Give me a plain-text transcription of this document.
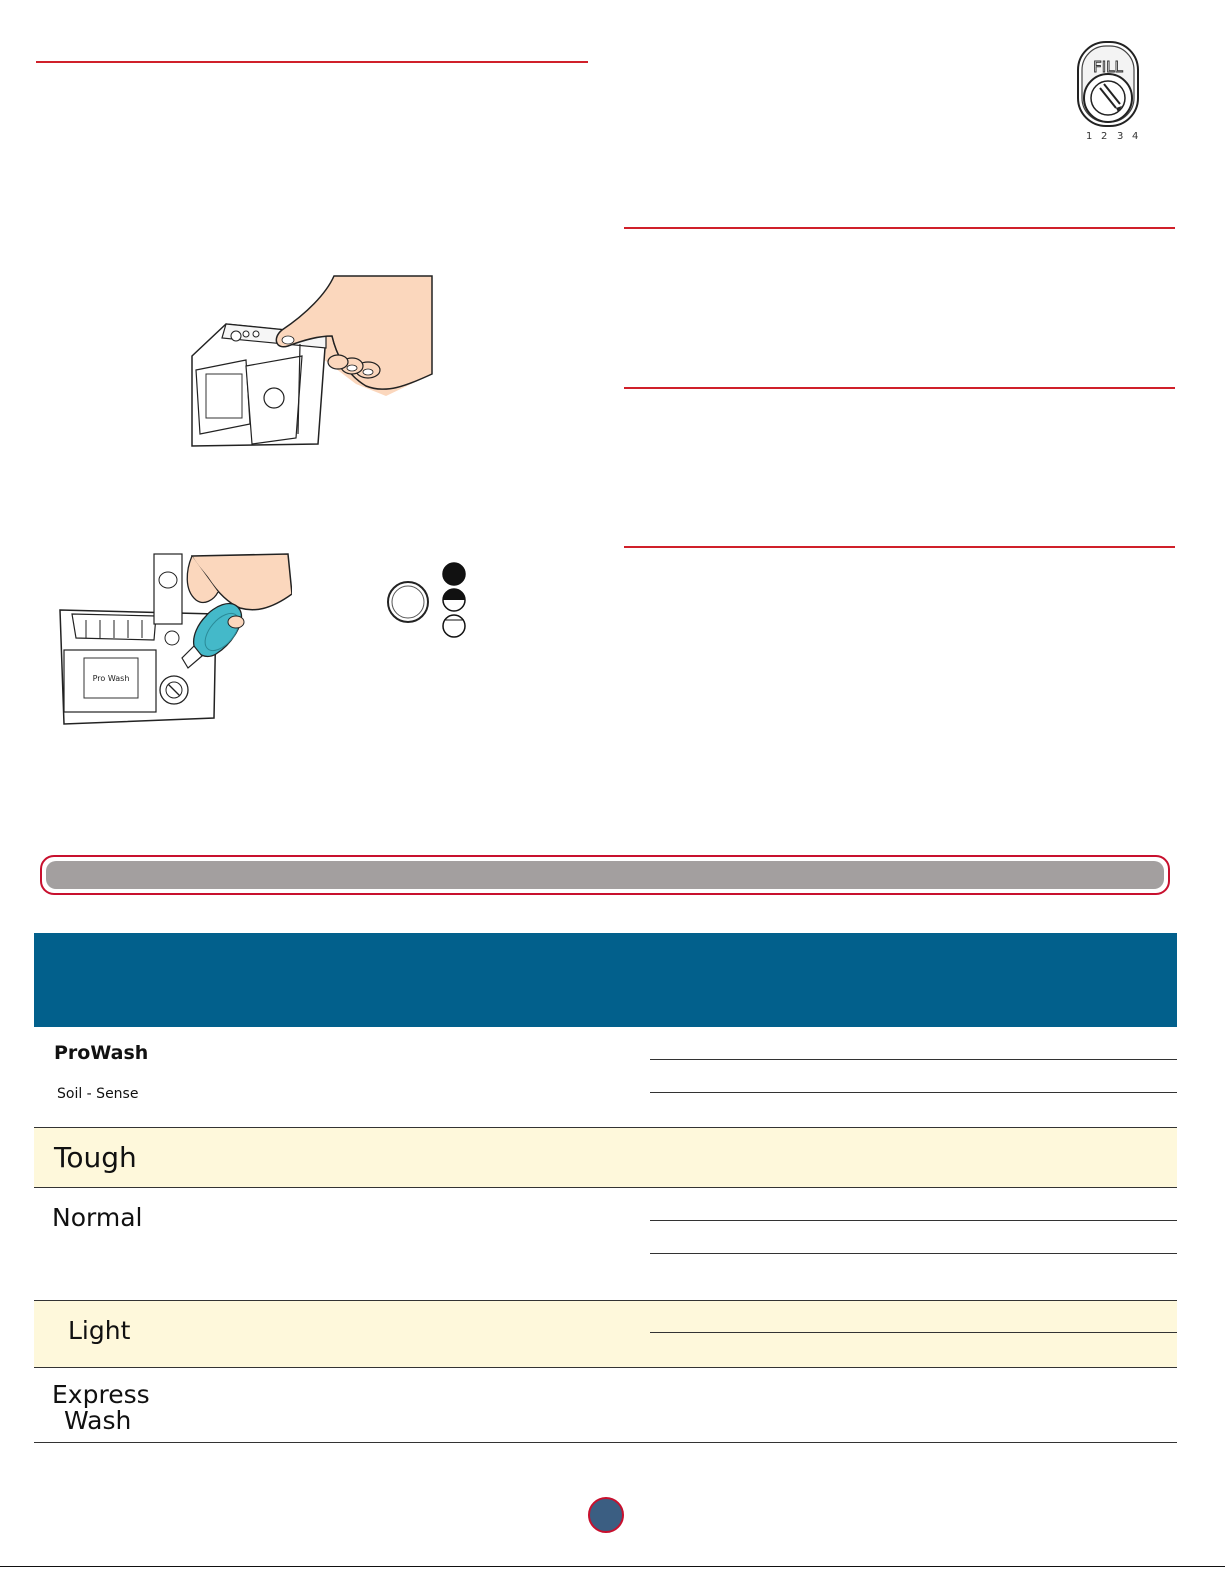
FILL
1 2 3 4
Pro Wash
ProWash
Soil - Sense
Tough
Normal
Light
Express
Wash
